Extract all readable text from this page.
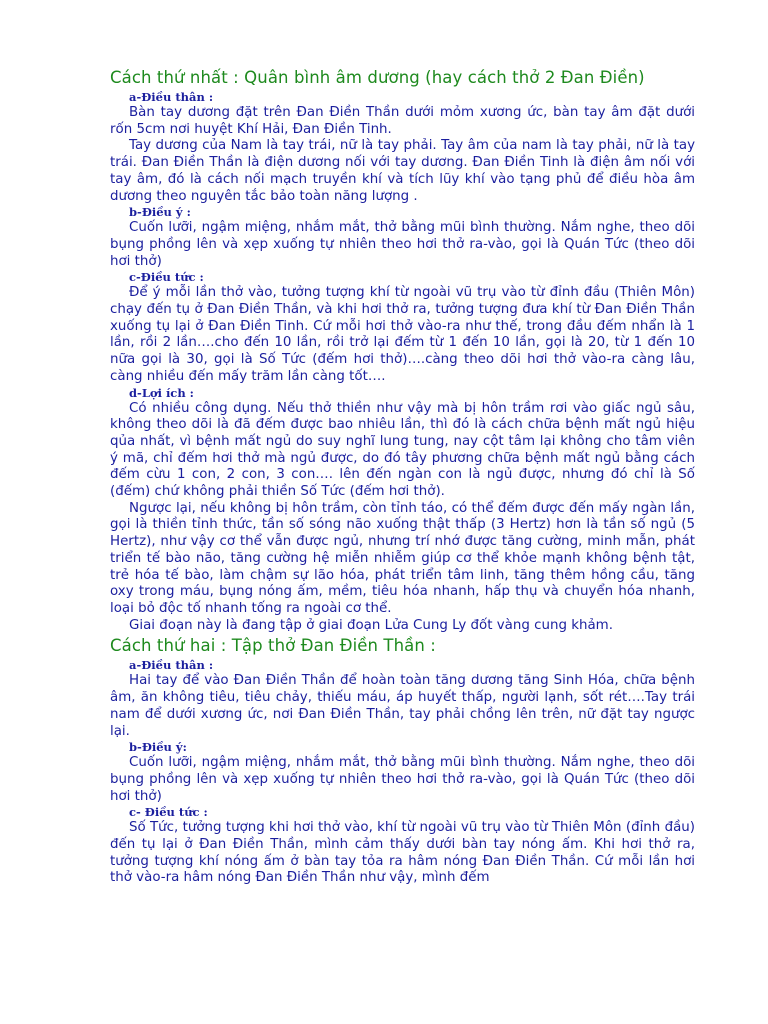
Cách thứ nhất : Quân bình âm dương (hay cách thở 2 Đan Điền)
a-Điều thân :

Bàn tay dương đặt trên Đan Điền Thần dưới mỏm xương ức, bàn tay âm đặt dưới rốn 5cm nơi huyệt Khí Hải, Đan Điền Tinh.

Tay dương của Nam là tay trái, nữ là tay phải. Tay âm của nam là tay phải, nữ là tay trái. Đan Điền Thần là điện dương nối với tay dương. Đan Điền Tinh là điện âm nối với tay âm, đó là cách nối mạch truyền khí và tích lũy khí vào tạng phủ để điều hòa âm dương theo nguyên tắc bảo toàn năng lượng .

b-Điều ý :

Cuốn lưỡi, ngậm miệng, nhắm mắt, thở bằng mũi bình thường. Nắm nghe, theo dõi bụng phồng lên và xẹp xuống tự nhiên theo hơi thở ra-vào, gọi là Quán Tức (theo dõi hơi thở)

c-Điều tức :

Để ý mỗi lần thở vào, tưởng tượng khí từ ngoài vũ trụ vào từ đỉnh đầu (Thiên Môn) chạy đến tụ ở Đan Điền Thần, và khi hơi thở ra, tưởng tượng đưa khí từ Đan Điền Thần xuống tụ lại ở Đan Điền Tinh. Cứ mỗi hơi thở vào-ra như thế, trong đầu đếm nhẩn là 1 lần, rồi 2 lần….cho đến 10 lần, rồi trở lại đếm từ 1 đến 10 lần, gọi là 20, từ 1 đến 10 nữa gọi là 30, gọi là Số Tức (đếm hơi thở)….càng theo dõi hơi thở vào-ra càng lâu, càng nhiều đến mấy trăm lần càng tốt….

d-Lợi ích :

Có nhiều công dụng. Nếu thở thiền như vậy mà bị hôn trầm rơi vào giấc ngủ sâu, không theo dõi là đã đếm được bao nhiêu lần, thì đó là cách chữa bệnh mất ngủ hiệu qủa nhất, vì bệnh mất ngủ do suy nghĩ lung tung, nay cột tâm lại không cho tâm viên ý mã, chỉ đếm hơi thở mà ngủ được, do đó tây phương chữa bệnh mất ngủ bằng cách đếm cừu 1 con, 2 con, 3 con…. lên đến ngàn con là ngủ được, nhưng đó chỉ là Số (đếm) chứ không phải thiền Số Tức (đếm hơi thở).

Ngược lại, nếu không bị hôn trầm, còn tỉnh táo, có thể đếm được đến mấy ngàn lần, gọi là thiền tỉnh thức, tần số sóng não xuống thật thấp (3 Hertz) hơn là tần số ngủ (5 Hertz), như vậy cơ thể vẫn được ngủ, nhưng trí nhớ được tăng cường, minh mẫn, phát triển tế bào não, tăng cường hệ miễn nhiễm giúp cơ thể khỏe mạnh không bệnh tật, trẻ hóa tế bào, làm chậm sự lão hóa, phát triển tâm linh, tăng thêm hồng cầu, tăng oxy trong máu, bụng nóng ấm, mềm, tiêu hóa nhanh, hấp thụ và chuyển hóa nhanh, loại bỏ độc tố nhanh tống ra ngoài cơ thể.

Giai đoạn này là đang tập ở giai đoạn Lửa Cung Ly đốt vàng cung khảm.

Cách thứ hai : Tập thở Đan Điền Thần :
a-Điều thân :

Hai tay để vào Đan Điền Thần để hoàn toàn tăng dương tăng Sinh Hóa, chữa bệnh âm, ăn không tiêu, tiêu chảy, thiếu máu, áp huyết thấp, người lạnh, sốt rét….Tay trái nam để dưới xương ức, nơi Đan Điền Thần, tay phải chồng lên trên, nữ đặt tay ngược lại.

b-Điều ý:

Cuốn lưỡi, ngậm miệng, nhắm mắt, thở bằng mũi bình thường. Nắm nghe, theo dõi bụng phồng lên và xẹp xuống tự nhiên theo hơi thở ra-vào, gọi là Quán Tức (theo dõi hơi thở)

c- Điều tức :

Số Tức, tưởng tượng khi hơi thở vào, khí từ ngoài vũ trụ vào từ Thiên Môn (đỉnh đầu) đến tụ lại ở Đan Điền Thần, mình cảm thấy dưới bàn tay nóng ấm. Khi hơi thở ra, tưởng tượng khí nóng ấm ở bàn tay tỏa ra hâm nóng Đan Điền Thần. Cứ mỗi lần hơi thở vào-ra hâm nóng Đan Điền Thần như vậy, mình đếm
